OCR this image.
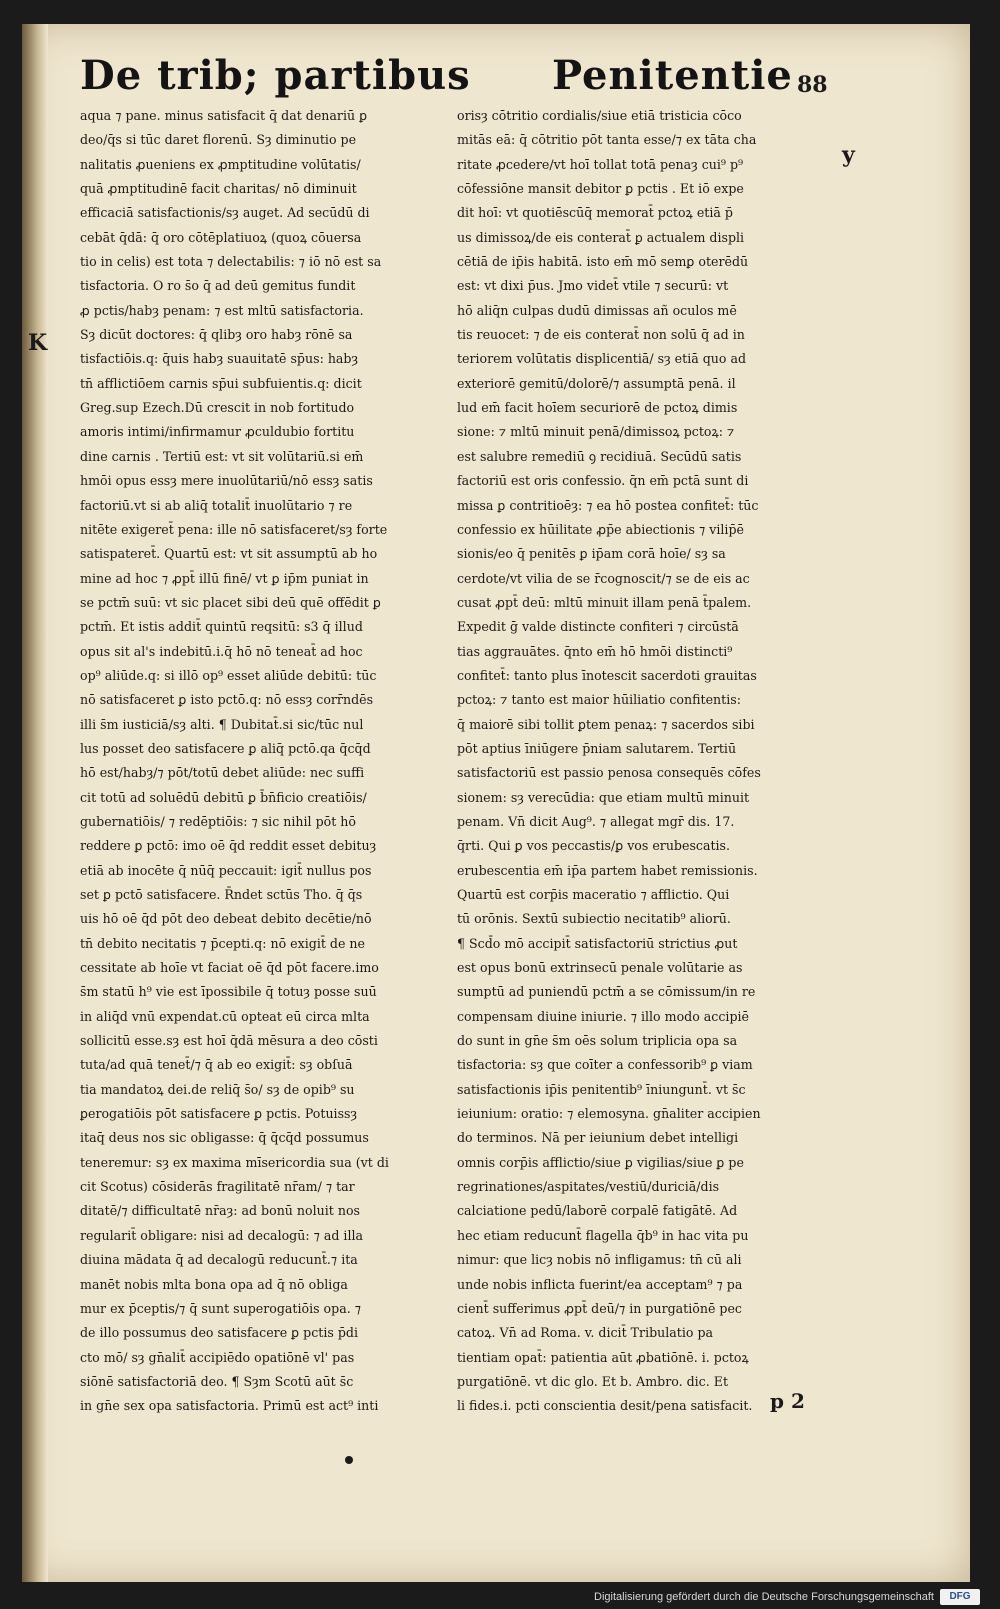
De trib; partibus Penitentie 88
K
y
aqua ⁊ pane. minus satisfacit q̄ dat denariū ꝑ
deo/q̄s si tūc daret florenū. Sȝ diminutio pe
nalitatis ꝓueniens ex ꝓmptitudine volūtatis/
quā ꝓmptitudinē facit charitas/ nō diminuit
efficaciā satisfactionis/sȝ auget. Ad secūdū di
cebāt q̄dā: q̄ oro cōtēplatiuoꝝ (quoꝝ cōuersa
tio in celis) est tota ⁊ delectabilis: ⁊ iō nō est sa
tisfactoria. O ro s̄o q̄ ad deū gemitus fundit
ꝓ pctis/habȝ penam: ⁊ est mltū satisfactoria.
Sȝ dicūt doctores: q̄ qlibȝ oro habȝ rōnē sa
tisfactiōis.q: q̄uis habȝ suauitatē sp̄us: habȝ
tn̄ afflictiōem carnis sp̄ui subfuientis.q: dicit
Greg.sup Ezech.Dū crescit in nob fortitudo
amoris intimi/infirmamur ꝓculdubio fortitu
dine carnis . Tertiū est: vt sit volūtariū.si em̄
hmōi opus essȝ mere inuolūtariū/nō essȝ satis
factoriū.vt si ab aliq̄ totalit̄ inuolūtario ⁊ re
nitēte exigeret̄ pena: ille nō satisfaceret/sȝ forte
satispateret̄. Quartū est: vt sit assumptū ab ho
mine ad hoc ⁊ ꝓpt̄ illū finē/ vt ꝑ ip̄m puniat in
se pctm̄ suū: vt sic placet sibi deū quē offēdit ꝑ
pctm̄. Et istis addit̄ quintū reqsitū: s3 q̄ illud
opus sit al's indebitū.i.q̄ hō nō teneat̄ ad hoc
op⁹ aliūde.q: si illō op⁹ esset aliūde debitū: tūc
nō satisfaceret ꝑ isto pctō.q: nō essȝ corr̄ndēs
illi s̄m iusticiā/sȝ alti. ¶ Dubitat̄.si sic/tūc nul
lus posset deo satisfacere ꝑ aliq̄ pctō.qa q̄cq̄d
hō est/habȝ/⁊ pōt/totū debet aliūde: nec suffi
cit totū ad soluēdū debitū ꝑ b̄n̄ficio creatiōis/
gubernatiōis/ ⁊ redēptiōis: ⁊ sic nihil pōt hō
reddere ꝑ pctō: imo oē q̄d reddit esset debituȝ
etiā ab inocēte q̄ nūq̄ peccauit: igit̄ nullus pos
set ꝑ pctō satisfacere. R̄ndet sctūs Tho. q̄ q̄s
uis hō oē q̄d pōt deo debeat debito decētie/nō
tn̄ debito necitatis ⁊ p̄cepti.q: nō exigit̄ de ne
cessitate ab hoīe vt faciat oē q̄d pōt facere.imo
s̄m statū h⁹ vie est īpossibile q̄ totuȝ posse suū
in aliq̄d vnū expendat.cū opteat eū circa mlta
sollicitū esse.sȝ est hoī q̄dā mēsura a deo cōsti
tuta/ad quā tenet̄/⁊ q̄ ab eo exigit̄: sȝ obſuā
tia mandatoꝝ dei.de reliq̄ s̄o/ sȝ de opib⁹ su
ꝑerogatiōis pōt satisfacere ꝑ pctis. Potuissȝ
itaq̄ deus nos sic obligasse: q̄ q̄cq̄d possumus
teneremur: sȝ ex maxima mīsericordia sua (vt di
cit Scotus) cōsiderās fragilitatē nr̄am/ ⁊ tar
ditatē/⁊ difficultatē nr̄aȝ: ad bonū noluit nos
regularit̄ obligare: nisi ad decalogū: ⁊ ad illa
diuina mādata q̄ ad decalogū reducunt̄.⁊ ita
manēt nobis mlta bona opa ad q̄ nō obliga
mur ex p̄ceptis/⁊ q̄ sunt superogatiōis opa. ⁊
de illo possumus deo satisfacere ꝑ pctis p̄di
cto mō/ sȝ gn̄alit̄ accipiēdo opatiōnē vl' pas
siōnē satisfactoriā deo. ¶ Sȝm Scotū aūt s̄c
in gn̄e sex opa satisfactoria. Primū est act⁹ inti
orisȝ cōtritio cordialis/siue etiā tristicia cōco
mitās eā: q̄ cōtritio pōt tanta esse/⁊ ex tāta cha
ritate ꝓcedere/vt hoī tollat totā penaȝ cui⁹ p⁹
cōfessiōne mansit debitor ꝑ pctis . Et iō expe
dit hoī: vt quotiēscūq̄ memorat̄ pctoꝝ etiā p̄
us dimissoꝝ/de eis conterat̄ ꝑ actualem displi
cētiā de ip̄is habitā. isto em̄ mō semꝑ oterēdū
est: vt dixi p̄us. Jmo videt̄ vtile ⁊ securū: vt
hō aliq̄n culpas dudū dimissas añ oculos mē
tis reuocet: ⁊ de eis conterat̄ non solū q̄ ad in
teriorem volūtatis displicentiā/ sȝ etiā quo ad
exteriorē gemitū/dolorē/⁊ assumptā penā. il
lud em̄ facit hoīem securiorē de pctoꝝ dimis
sione: ⁊ mltū minuit penā/dimissoꝝ pctoꝝ: ⁊
est salubre remediū ꝯ recidiuā. Secūdū satis
factoriū est oris confessio. q̄n em̄ pctā sunt di
missa ꝑ contritioēȝ: ⁊ ea hō postea confitet̄: tūc
confessio ex hūilitate ꝓp̄e abiectionis ⁊ vilip̄ē
sionis/eo q̄ penitēs ꝑ ip̄am corā hoīe/ sȝ sa
cerdote/vt vilia de se r̄cognoscit/⁊ se de eis ac
cusat ꝓpt̄ deū: mltū minuit illam penā t̄palem.
Expedit ḡ valde distincte confiteri ⁊ circūstā
tias aggrauātes. q̄nto em̄ hō hmōi distincti⁹
confitet̄: tanto plus īnotescit sacerdoti grauitas
pctoꝝ: ⁊ tanto est maior hūiliatio confitentis:
q̄ maiorē sibi tollit ꝑtem penaꝝ: ⁊ sacerdos sibi
pōt aptius īniūgere p̄niam salutarem. Tertiū
satisfactoriū est passio penosa consequēs cōfes
sionem: sȝ verecūdia: que etiam multū minuit
penam. Vn̄ dicit Aug⁹. ⁊ allegat mgr̄ dis. 17.
q̄rti. Qui ꝑ vos peccastis/ꝑ vos erubescatis.
erubescentia em̄ ip̄a partem habet remissionis.
Quartū est corp̄is maceratio ⁊ afflictio. Qui
tū orōnis. Sextū subiectio necitatib⁹ aliorū.
¶ Scd̄o mō accipit̄ satisfactoriū strictius ꝓut
est opus bonū extrinsecū penale volūtarie as
sumptū ad puniendū pctm̄ a se cōmissum/in re
compensam diuine iniurie. ⁊ illo modo accipiē
do sunt in gn̄e s̄m oēs solum triplicia opa sa
tisfactoria: sȝ que coīter a confessorib⁹ ꝑ viam
satisfactionis ip̄is penitentib⁹ īniungunt̄. vt s̄c
ieiunium: oratio: ⁊ elemosyna. gn̄aliter accipien
do terminos. Nā per ieiunium debet intelligi
omnis corp̄is afflictio/siue ꝑ vigilias/siue ꝑ pe
regrinationes/aspitates/vestiū/duriciā/dis
calciatione pedū/laborē corpalē fatigātē. Ad
hec etiam reducunt̄ flagella q̄b⁹ in hac vita pu
nimur: que licȝ nobis nō infligamus: tn̄ cū ali
unde nobis inflicta fuerint/ea acceptam⁹ ⁊ pa
cient̄ sufferimus ꝓpt̄ deū/⁊ in purgatiōnē pec
catoꝝ. Vn̄ ad Roma. v. dicit̄ Tribulatio pa
tientiam opat̄: patientia aūt ꝓbatiōnē. i. pctoꝝ
purgatiōnē. vt dic glo. Et b. Ambro. dic. Et
li fides.i. pcti conscientia desit/pena satisfacit. p 2
Digitalisierung gefördert durch die Deutsche Forschungsgemeinschaft	DFG
